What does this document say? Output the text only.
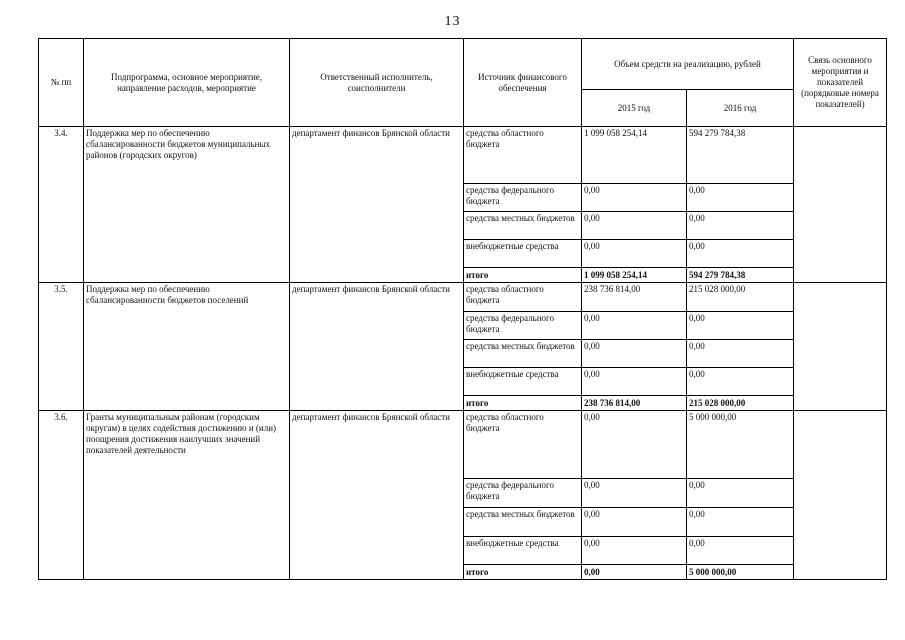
13
№ пп	Подпрограмма, основное мероприятие, направление расходов, мероприятие	Ответственный исполнитель, соисполнители	Источник финансового обеспечения	Объем средств на реализацию, рублей		Связь основного мероприятия и показателей (порядковые номера показателей)
				2015 год	2016 год	
3.4.	Поддержка мер по обеспечению сбалансированности бюджетов муниципальных районов (городских округов)	департамент финансов Брянской области	средства областного бюджета	1 099 058 254,14	594 279 784,38	
			средства федерального бюджета	0,00	0,00	
			средства местных бюджетов	0,00	0,00	
			внебюджетные средства	0,00	0,00	
			итого	1 099 058 254,14	594 279 784,38	
3.5.	Поддержка мер по обеспечению сбалансированности бюджетов поселений	департамент финансов Брянской области	средства областного бюджета	238 736 814,00	215 028 000,00	
			средства федерального бюджета	0,00	0,00	
			средства местных бюджетов	0,00	0,00	
			внебюджетные средства	0,00	0,00	
			итого	238 736 814,00	215 028 000,00	
3.6.	Гранты муниципальным районам (городским округам) в целях содействия достижению и (или) поощрения достижения наилучших значений показателей деятельности	департамент финансов Брянской области	средства областного бюджета	0,00	5 000 000,00	
			средства федерального бюджета	0,00	0,00	
			средства местных бюджетов	0,00	0,00	
			внебюджетные средства	0,00	0,00	
			итого	0,00	5 000 000,00	
